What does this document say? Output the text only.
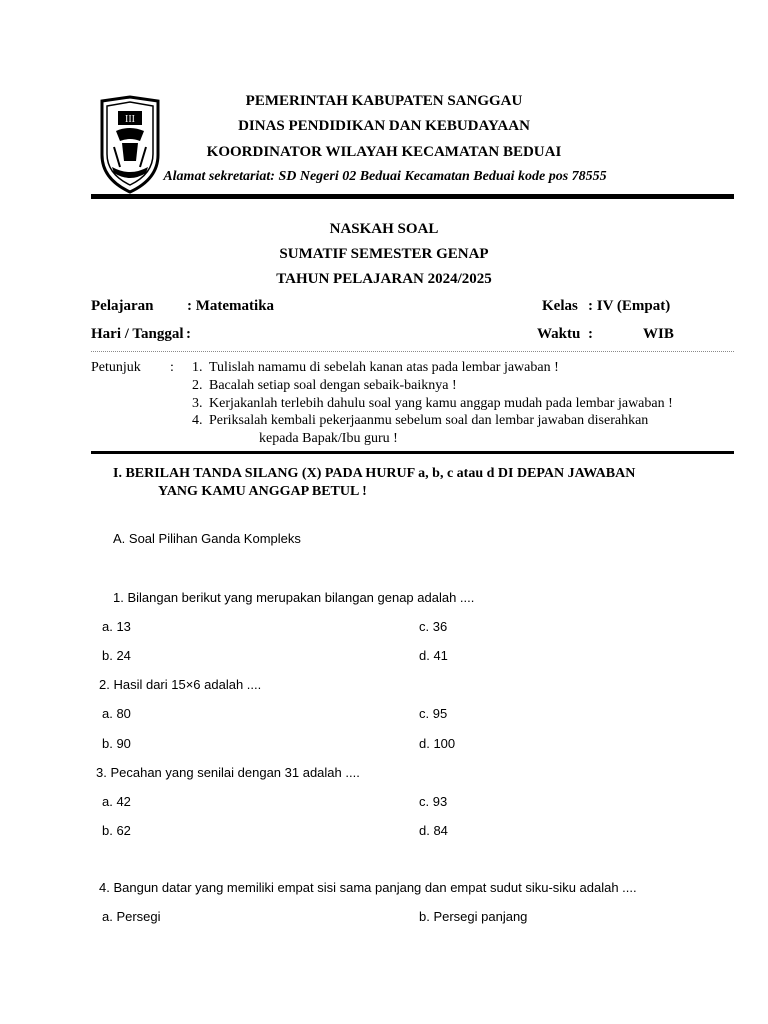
III
PEMERINTAH KABUPATEN SANGGAU
DINAS PENDIDIKAN DAN KEBUDAYAAN
KOORDINATOR WILAYAH KECAMATAN BEDUAI
Alamat sekretariat: SD Negeri 02 Beduai Kecamatan Beduai kode pos 78555
NASKAH SOAL
SUMATIF SEMESTER GENAP
TAHUN PELAJARAN 2024/2025
Pelajaran : Matematika	Kelas : IV (Empat)
Hari / Tanggal :	Waktu :	WIB
Petunjuk : 1. Tulislah namamu di sebelah kanan atas pada lembar jawaban !
2. Bacalah setiap soal dengan sebaik-baiknya !
3. Kerjakanlah terlebih dahulu soal yang kamu anggap mudah pada lembar jawaban !
4. Periksalah kembali pekerjaanmu sebelum soal dan lembar jawaban diserahkan
kepada Bapak/Ibu guru !
I. BERILAH TANDA SILANG (X) PADA HURUF a, b, c atau d DI DEPAN JAWABAN
YANG KAMU ANGGAP BETUL !
A. Soal Pilihan Ganda Kompleks
1. Bilangan berikut yang merupakan bilangan genap adalah ....
a. 13	c. 36
b. 24	d. 41
2. Hasil dari 15×6 adalah ....
a. 80	c. 95
b. 90	d. 100
3. Pecahan yang senilai dengan 31 adalah ....
a. 42	c. 93
b. 62	d. 84
4. Bangun datar yang memiliki empat sisi sama panjang dan empat sudut siku-siku adalah ....
a. Persegi	b. Persegi panjang
